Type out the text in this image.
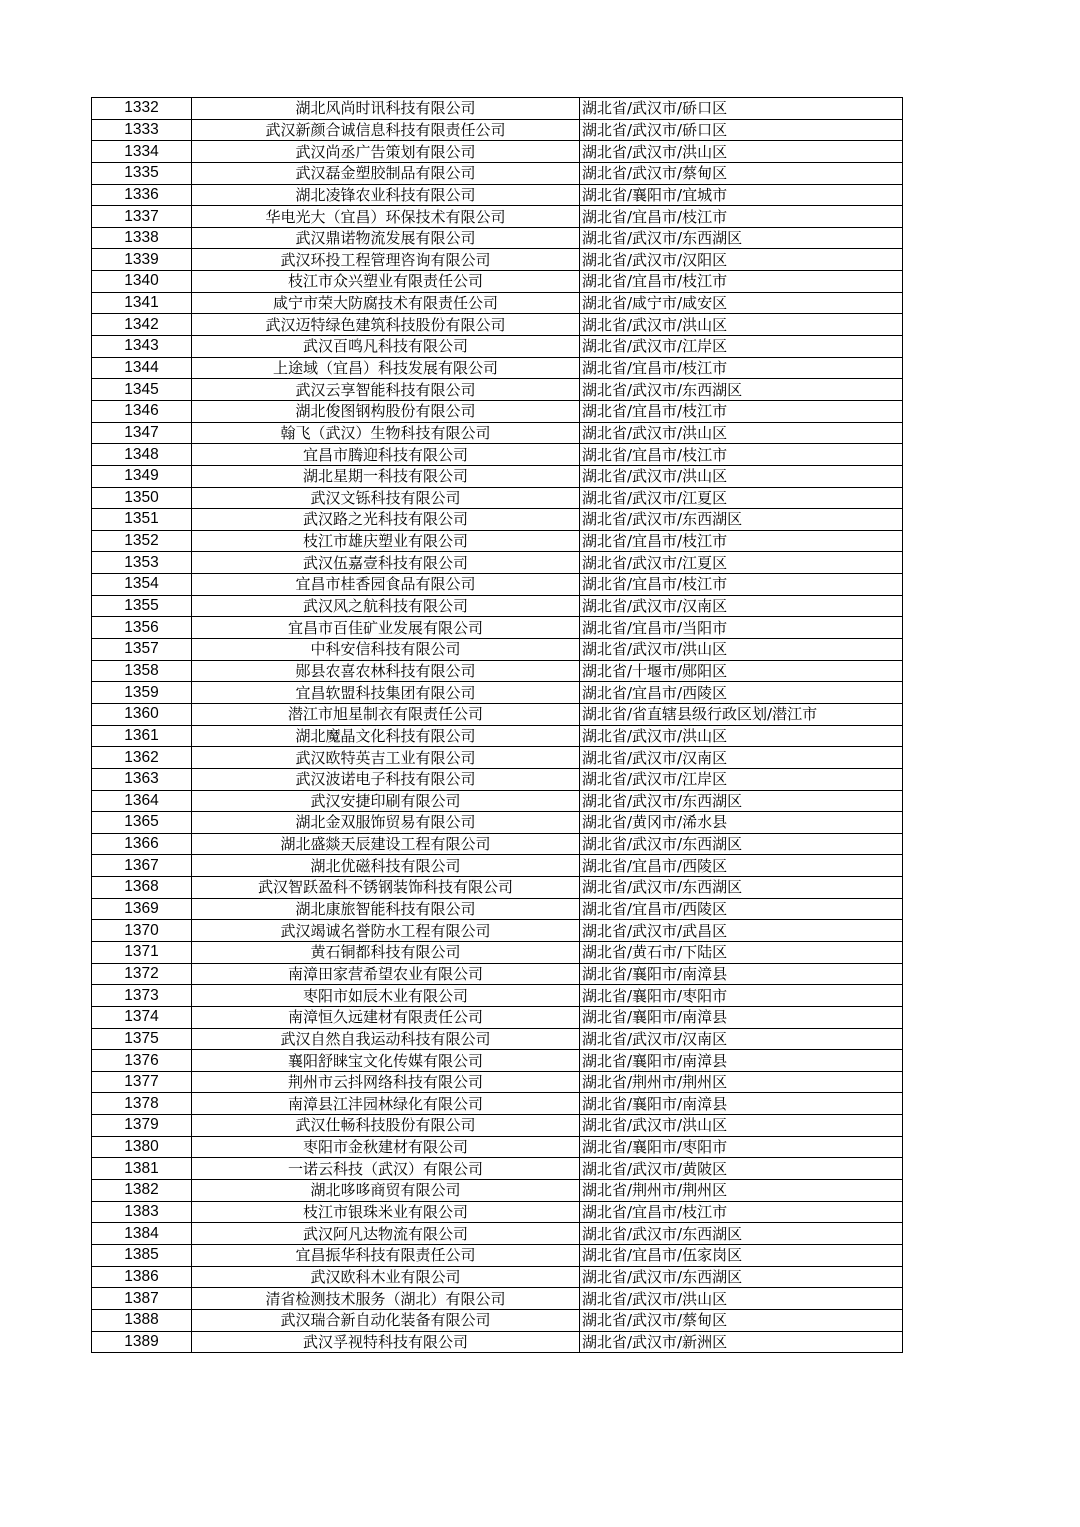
1332	湖北风尚时讯科技有限公司	湖北省/武汉市/硚口区
1333	武汉新颜合诚信息科技有限责任公司	湖北省/武汉市/硚口区
1334	武汉尚丞广告策划有限公司	湖北省/武汉市/洪山区
1335	武汉磊金塑胶制品有限公司	湖北省/武汉市/蔡甸区
1336	湖北凌锋农业科技有限公司	湖北省/襄阳市/宜城市
1337	华电光大（宜昌）环保技术有限公司	湖北省/宜昌市/枝江市
1338	武汉鼎诺物流发展有限公司	湖北省/武汉市/东西湖区
1339	武汉环投工程管理咨询有限公司	湖北省/武汉市/汉阳区
1340	枝江市众兴塑业有限责任公司	湖北省/宜昌市/枝江市
1341	咸宁市荣大防腐技术有限责任公司	湖北省/咸宁市/咸安区
1342	武汉迈特绿色建筑科技股份有限公司	湖北省/武汉市/洪山区
1343	武汉百鸣凡科技有限公司	湖北省/武汉市/江岸区
1344	上途域（宜昌）科技发展有限公司	湖北省/宜昌市/枝江市
1345	武汉云享智能科技有限公司	湖北省/武汉市/东西湖区
1346	湖北俊图钢构股份有限公司	湖北省/宜昌市/枝江市
1347	翰飞（武汉）生物科技有限公司	湖北省/武汉市/洪山区
1348	宜昌市腾迎科技有限公司	湖北省/宜昌市/枝江市
1349	湖北星期一科技有限公司	湖北省/武汉市/洪山区
1350	武汉文铄科技有限公司	湖北省/武汉市/江夏区
1351	武汉路之光科技有限公司	湖北省/武汉市/东西湖区
1352	枝江市雄庆塑业有限公司	湖北省/宜昌市/枝江市
1353	武汉伍嘉壹科技有限公司	湖北省/武汉市/江夏区
1354	宜昌市桂香园食品有限公司	湖北省/宜昌市/枝江市
1355	武汉风之航科技有限公司	湖北省/武汉市/汉南区
1356	宜昌市百佳矿业发展有限公司	湖北省/宜昌市/当阳市
1357	中科安信科技有限公司	湖北省/武汉市/洪山区
1358	郧县农喜农林科技有限公司	湖北省/十堰市/郧阳区
1359	宜昌软盟科技集团有限公司	湖北省/宜昌市/西陵区
1360	潜江市旭星制衣有限责任公司	湖北省/省直辖县级行政区划/潜江市
1361	湖北魔晶文化科技有限公司	湖北省/武汉市/洪山区
1362	武汉欧特英吉工业有限公司	湖北省/武汉市/汉南区
1363	武汉波诺电子科技有限公司	湖北省/武汉市/江岸区
1364	武汉安捷印刷有限公司	湖北省/武汉市/东西湖区
1365	湖北金双服饰贸易有限公司	湖北省/黄冈市/浠水县
1366	湖北盛燚天辰建设工程有限公司	湖北省/武汉市/东西湖区
1367	湖北优磁科技有限公司	湖北省/宜昌市/西陵区
1368	武汉智跃盈科不锈钢装饰科技有限公司	湖北省/武汉市/东西湖区
1369	湖北康旅智能科技有限公司	湖北省/宜昌市/西陵区
1370	武汉竭诚名誉防水工程有限公司	湖北省/武汉市/武昌区
1371	黄石铜都科技有限公司	湖北省/黄石市/下陆区
1372	南漳田家营希望农业有限公司	湖北省/襄阳市/南漳县
1373	枣阳市如辰木业有限公司	湖北省/襄阳市/枣阳市
1374	南漳恒久远建材有限责任公司	湖北省/襄阳市/南漳县
1375	武汉自然自我运动科技有限公司	湖北省/武汉市/汉南区
1376	襄阳舒睐宝文化传媒有限公司	湖北省/襄阳市/南漳县
1377	荆州市云抖网络科技有限公司	湖北省/荆州市/荆州区
1378	南漳县江沣园林绿化有限公司	湖北省/襄阳市/南漳县
1379	武汉仕畅科技股份有限公司	湖北省/武汉市/洪山区
1380	枣阳市金秋建材有限公司	湖北省/襄阳市/枣阳市
1381	一诺云科技（武汉）有限公司	湖北省/武汉市/黄陂区
1382	湖北哆哆商贸有限公司	湖北省/荆州市/荆州区
1383	枝江市银珠米业有限公司	湖北省/宜昌市/枝江市
1384	武汉阿凡达物流有限公司	湖北省/武汉市/东西湖区
1385	宜昌振华科技有限责任公司	湖北省/宜昌市/伍家岗区
1386	武汉欧科木业有限公司	湖北省/武汉市/东西湖区
1387	清省检测技术服务（湖北）有限公司	湖北省/武汉市/洪山区
1388	武汉瑞合新自动化装备有限公司	湖北省/武汉市/蔡甸区
1389	武汉孚视特科技有限公司	湖北省/武汉市/新洲区
